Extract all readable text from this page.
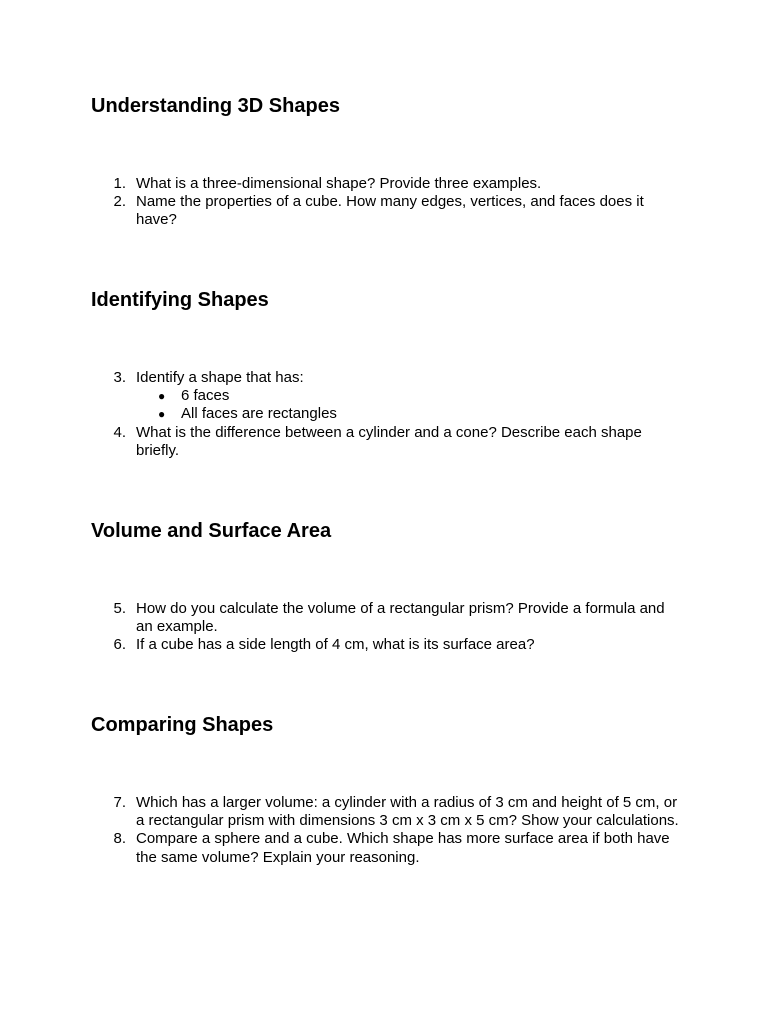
Understanding 3D Shapes
1. What is a three-dimensional shape? Provide three examples.
2. Name the properties of a cube. How many edges, vertices, and faces does it have?
Identifying Shapes
3. Identify a shape that has:
● 6 faces
● All faces are rectangles
4. What is the difference between a cylinder and a cone? Describe each shape briefly.
Volume and Surface Area
5. How do you calculate the volume of a rectangular prism? Provide a formula and an example.
6. If a cube has a side length of 4 cm, what is its surface area?
Comparing Shapes
7. Which has a larger volume: a cylinder with a radius of 3 cm and height of 5 cm, or a rectangular prism with dimensions 3 cm x 3 cm x 5 cm? Show your calculations.
8. Compare a sphere and a cube. Which shape has more surface area if both have the same volume? Explain your reasoning.
